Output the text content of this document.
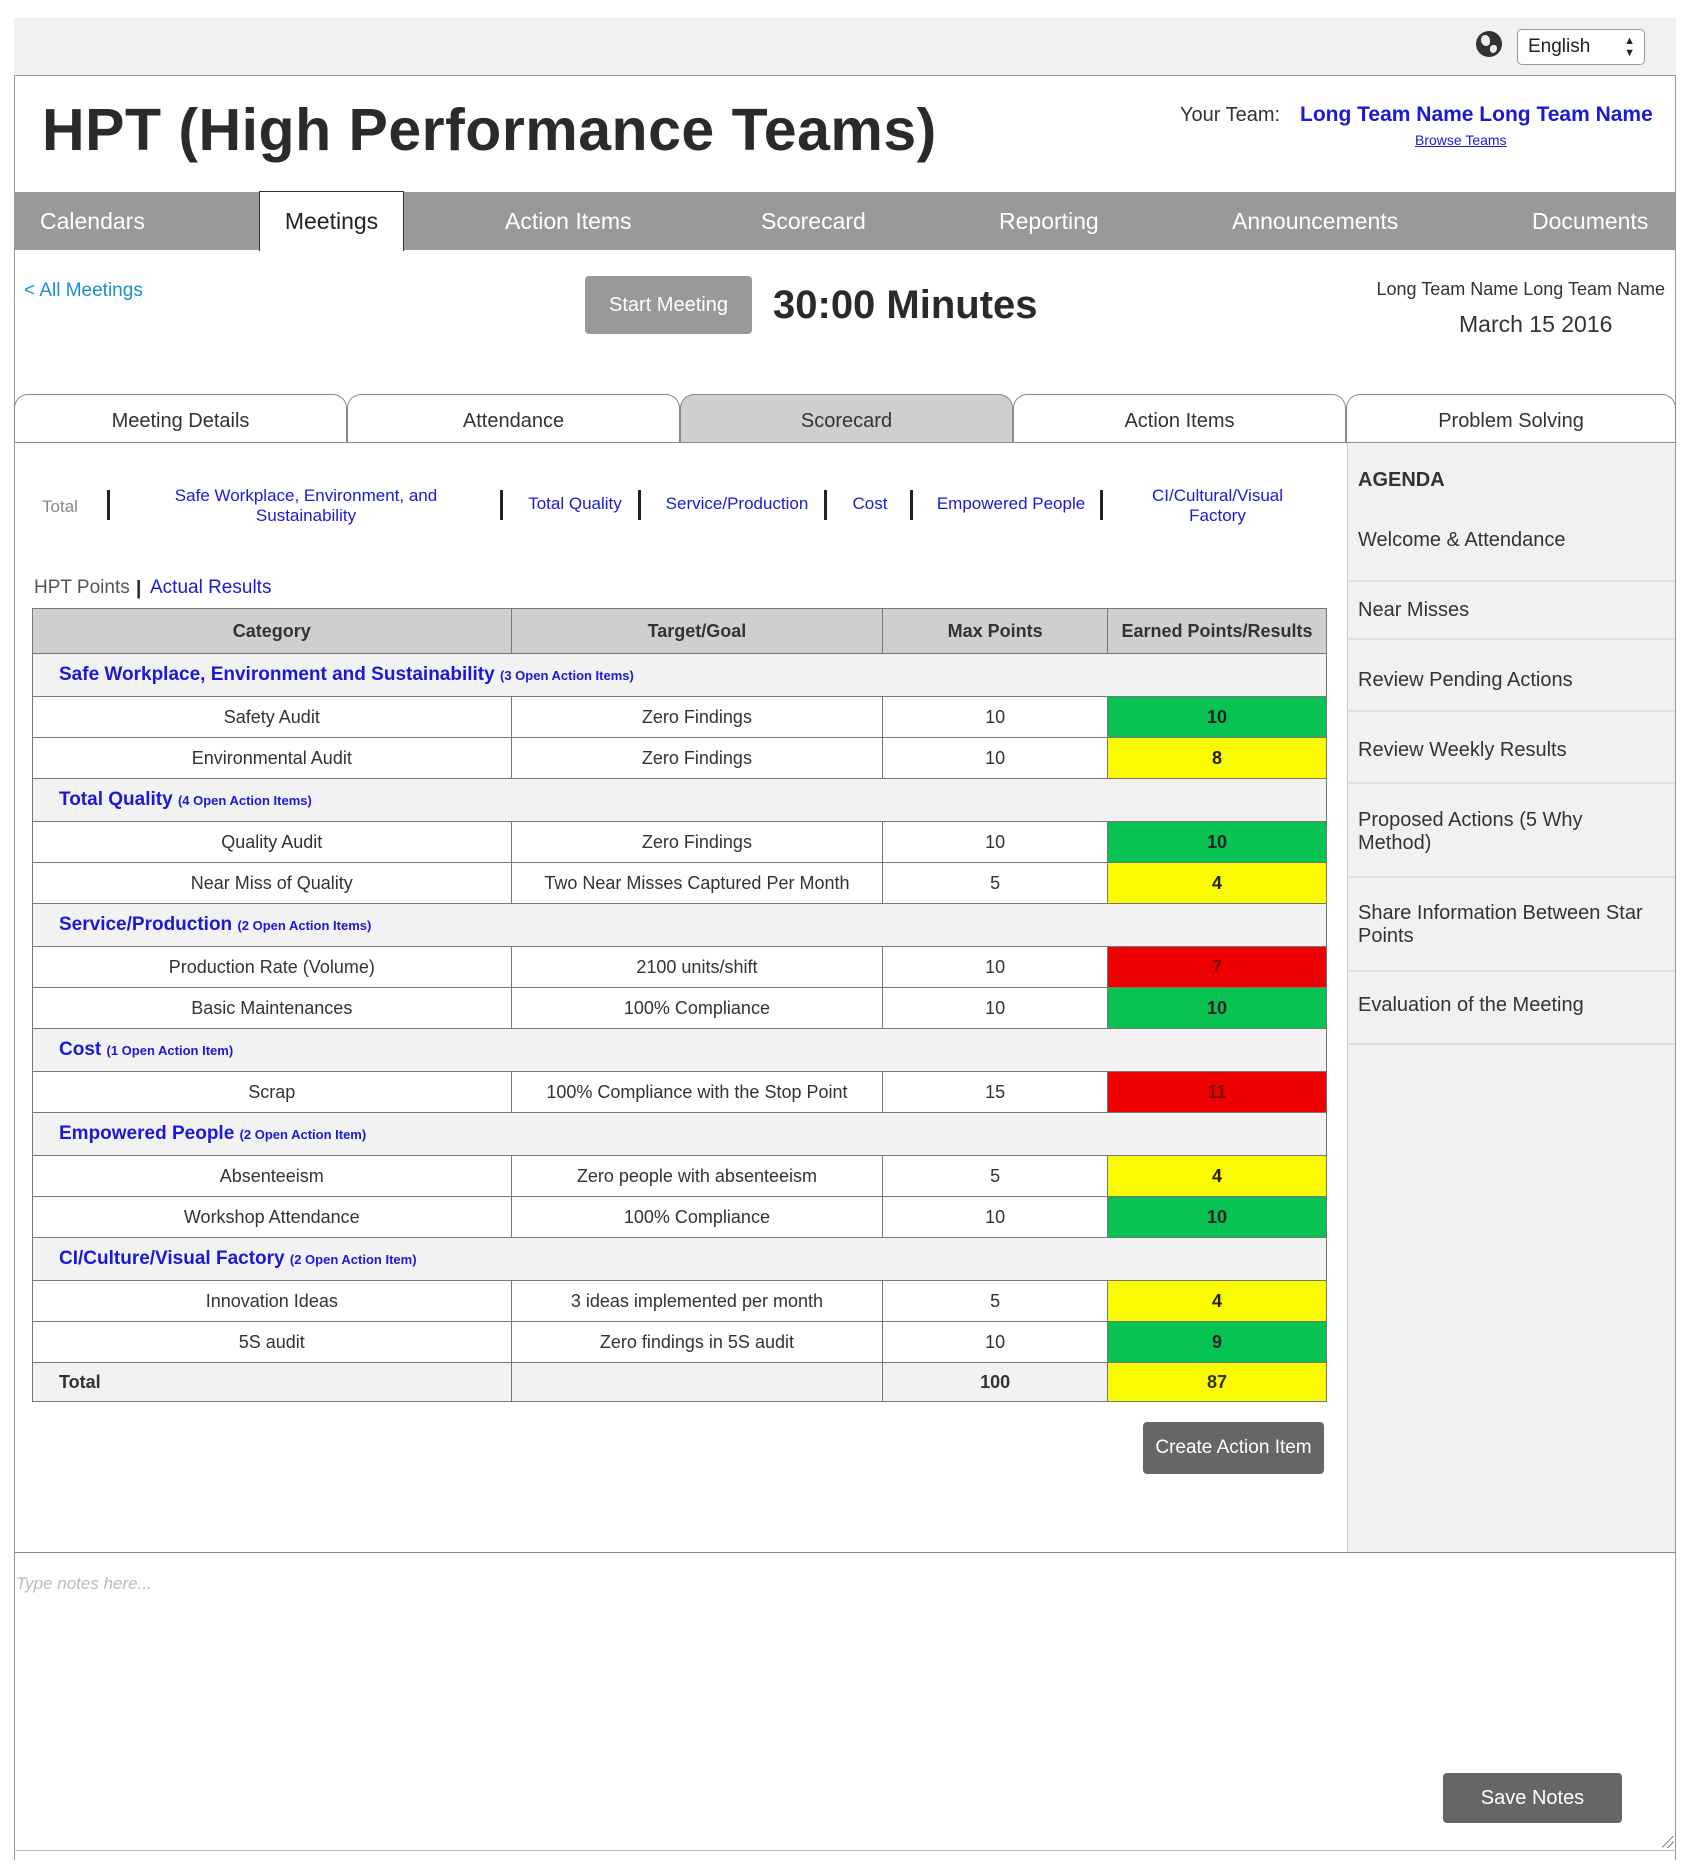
English	▲
▼
HPT (High Performance Teams)	Your Team: Long Team Name Long Team Name
Browse Teams
Calendars	Meetings	Action Items	Scorecard	Reporting	Announcements	Documents
< All Meetings
Start Meeting	30:00 Minutes	Long Team Name Long Team Name
March 15 2016
Meeting Details	Attendance	Scorecard	Action Items	Problem Solving
AGENDA
Welcome & Attendance
Near Misses
Review Pending Actions
Review Weekly Results
Proposed Actions (5 Why Method)
Share Information Between Star Points
Evaluation of the Meeting
Total
Safe Workplace, Environment, and Sustainability
Total Quality	Service/Production	Cost	Empowered People	CI/Cultural/Visual Factory
HPT Points | Actual Results
Category	Target/Goal	Max Points	Earned Points/Results
Safe Workplace, Environment and Sustainability (3 Open Action Items)			
Safety Audit	Zero Findings	10	10
Environmental Audit	Zero Findings	10	8
Total Quality (4 Open Action Items)			
Quality Audit	Zero Findings	10	10
Near Miss of Quality	Two Near Misses Captured Per Month	5	4
Service/Production (2 Open Action Items)			
Production Rate (Volume)	2100 units/shift	10	7
Basic Maintenances	100% Compliance	10	10
Cost (1 Open Action Item)			
Scrap	100% Compliance with the Stop Point	15	11
Empowered People (2 Open Action Item)			
Absenteeism	Zero people with absenteeism	5	4
Workshop Attendance	100% Compliance	10	10
CI/Culture/Visual Factory (2 Open Action Item)			
Innovation Ideas	3 ideas implemented per month	5	4
5S audit	Zero findings in 5S audit	10	9
Total		100	87
Create Action Item
Type notes here...
Save Notes
